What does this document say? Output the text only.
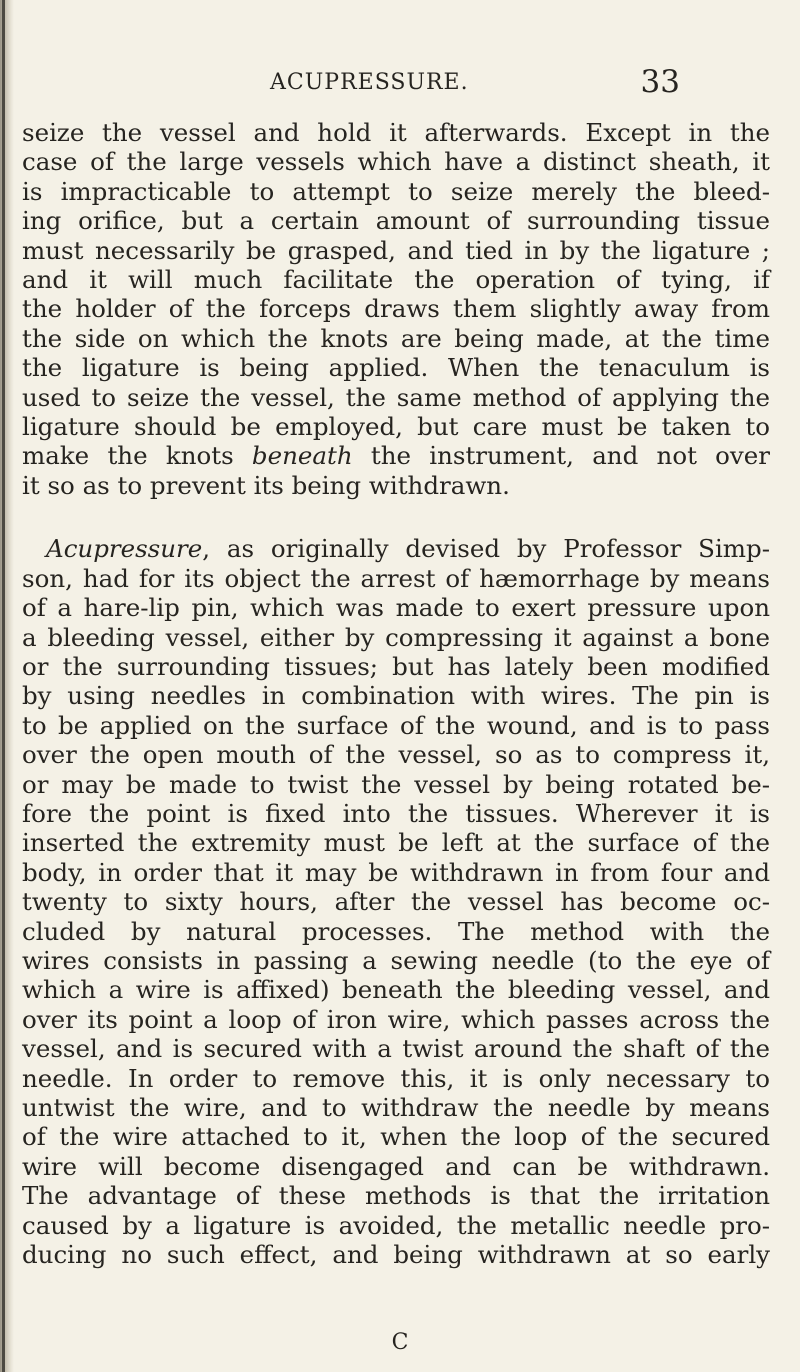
ACUPRESSURE.	33
seize the vessel and hold it afterwards. Except in the
case of the large vessels which have a distinct sheath, it
is impracticable to attempt to seize merely the bleed-
ing orifice, but a certain amount of surrounding tissue
must necessarily be grasped, and tied in by the ligature ;
and it will much facilitate the operation of tying, if
the holder of the forceps draws them slightly away from
the side on which the knots are being made, at the time
the ligature is being applied. When the tenaculum is
used to seize the vessel, the same method of applying the
ligature should be employed, but care must be taken to
make the knots beneath the instrument, and not over
it so as to prevent its being withdrawn.
Acupressure, as originally devised by Professor Simp-
son, had for its object the arrest of hæmorrhage by means
of a hare-lip pin, which was made to exert pressure upon
a bleeding vessel, either by compressing it against a bone
or the surrounding tissues; but has lately been modified
by using needles in combination with wires. The pin is
to be applied on the surface of the wound, and is to pass
over the open mouth of the vessel, so as to compress it,
or may be made to twist the vessel by being rotated be-
fore the point is fixed into the tissues. Wherever it is
inserted the extremity must be left at the surface of the
body, in order that it may be withdrawn in from four and
twenty to sixty hours, after the vessel has become oc-
cluded by natural processes. The method with the
wires consists in passing a sewing needle (to the eye of
which a wire is affixed) beneath the bleeding vessel, and
over its point a loop of iron wire, which passes across the
vessel, and is secured with a twist around the shaft of the
needle. In order to remove this, it is only necessary to
untwist the wire, and to withdraw the needle by means
of the wire attached to it, when the loop of the secured
wire will become disengaged and can be withdrawn.
The advantage of these methods is that the irritation
caused by a ligature is avoided, the metallic needle pro-
ducing no such effect, and being withdrawn at so early
C
